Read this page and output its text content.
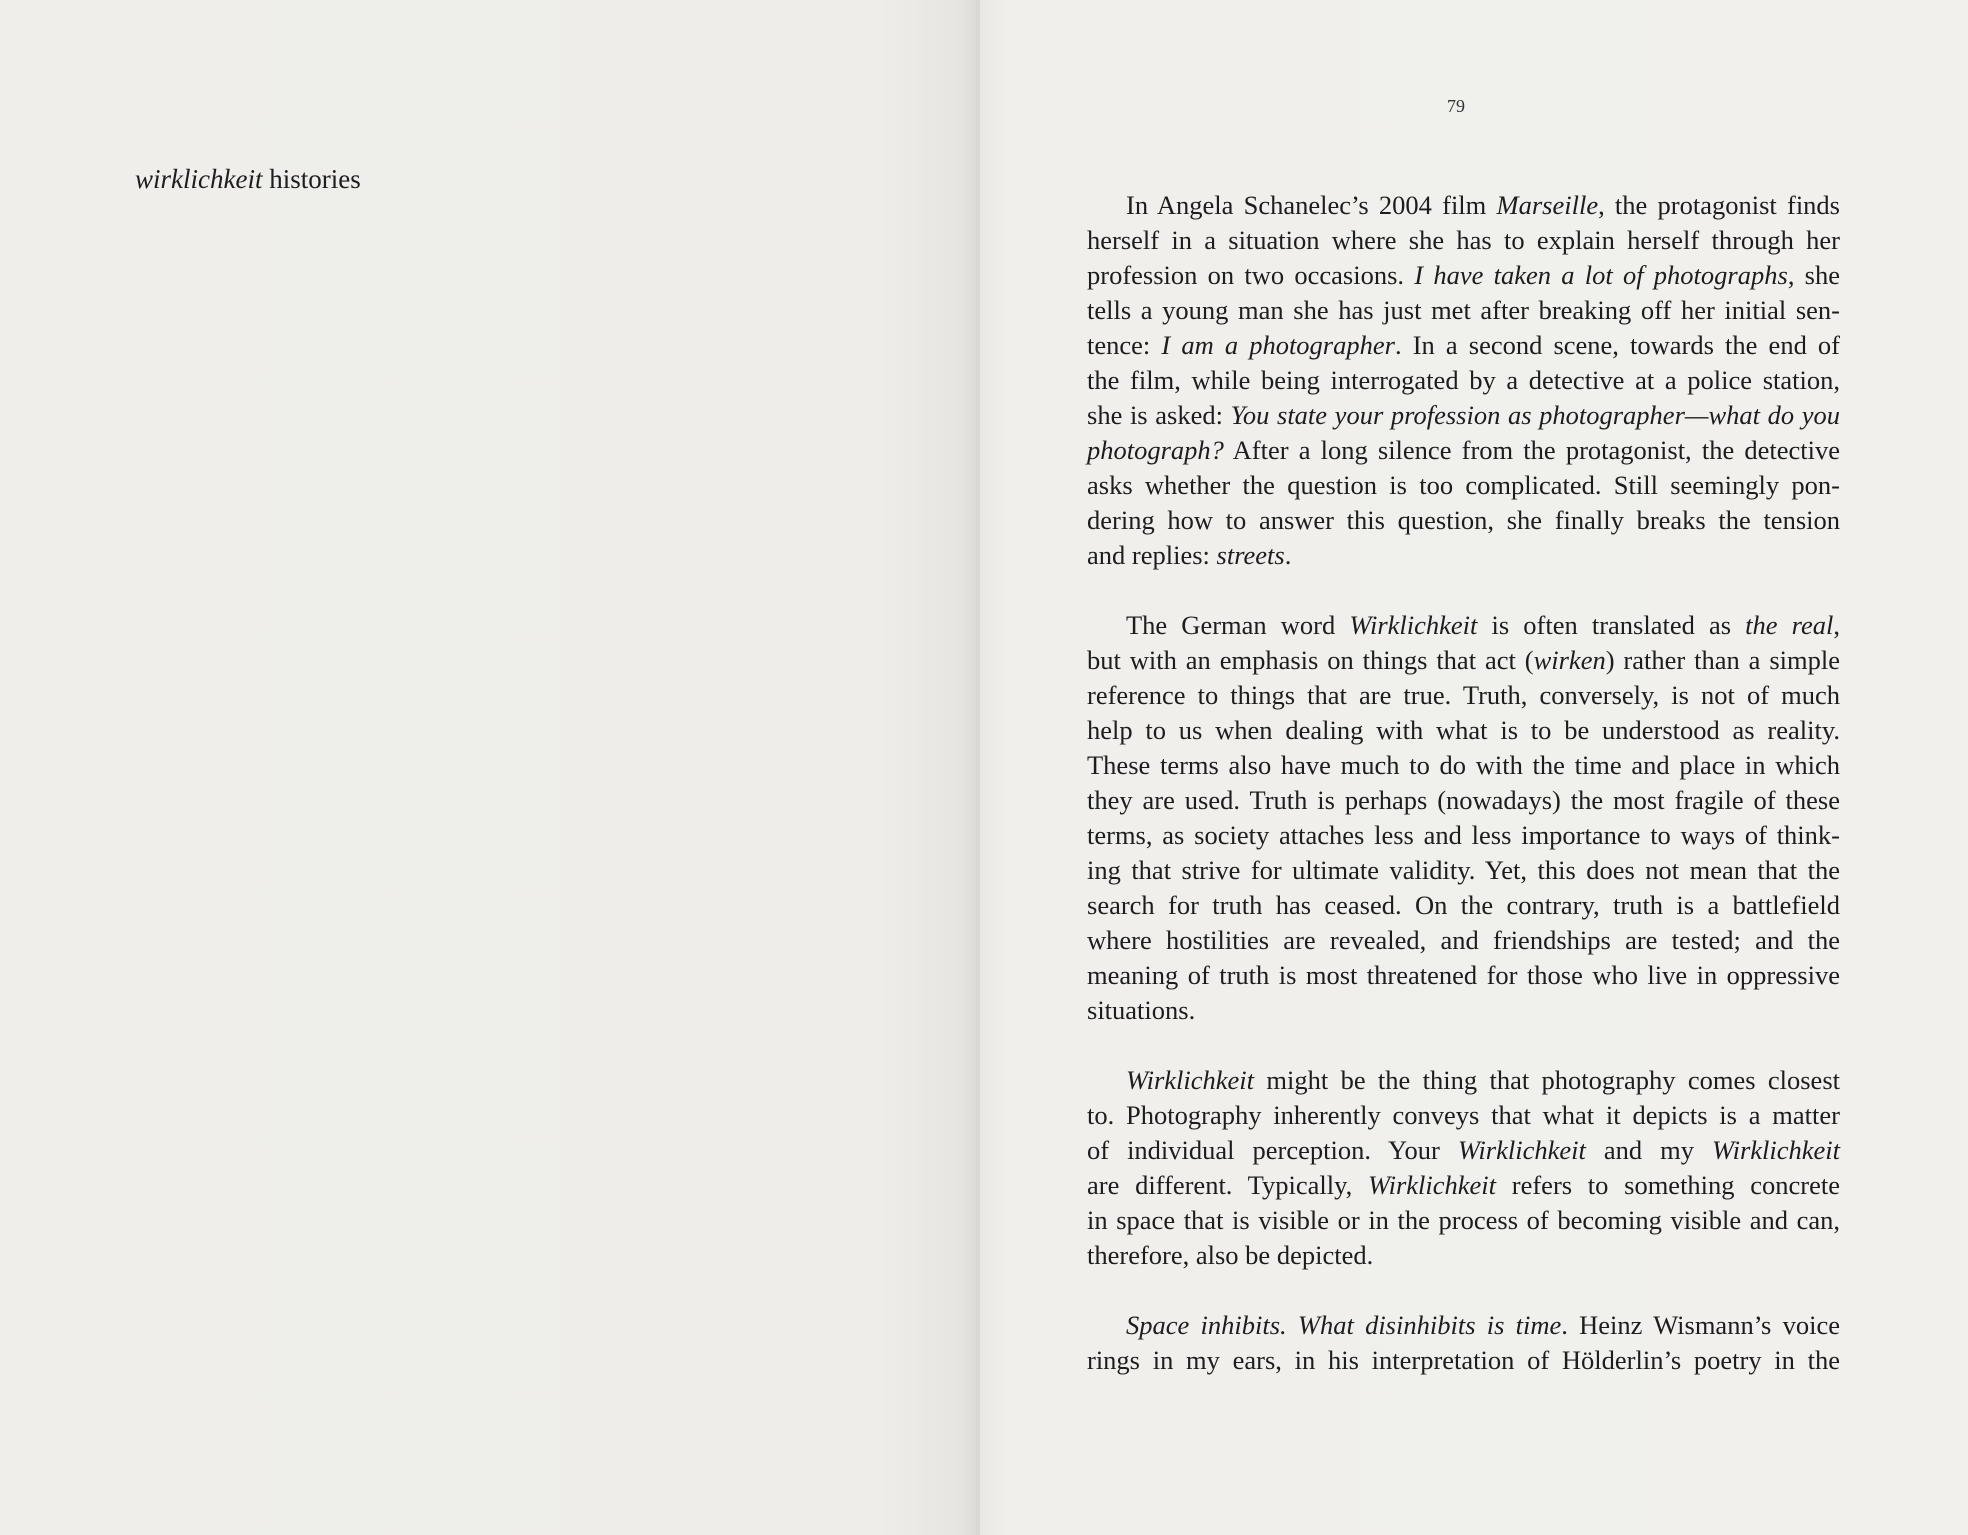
wirklichkeit histories
79
In Angela Schanelec’s 2004 film Marseille, the protagonist finds
herself in a situation where she has to explain herself through her
profession on two occasions. I have taken a lot of photographs, she
tells a young man she has just met after breaking off her initial sen-
tence: I am a photographer. In a second scene, towards the end of
the film, while being interrogated by a detective at a police station,
she is asked: You state your profession as photographer—what do you
photograph? After a long silence from the protagonist, the detective
asks whether the question is too complicated. Still seemingly pon-
dering how to answer this question, she finally breaks the tension
and replies: streets.
The German word Wirklichkeit is often translated as the real,
but with an emphasis on things that act (wirken) rather than a simple
reference to things that are true. Truth, conversely, is not of much
help to us when dealing with what is to be understood as reality.
These terms also have much to do with the time and place in which
they are used. Truth is perhaps (nowadays) the most fragile of these
terms, as society attaches less and less importance to ways of think-
ing that strive for ultimate validity. Yet, this does not mean that the
search for truth has ceased. On the contrary, truth is a battlefield
where hostilities are revealed, and friendships are tested; and the
meaning of truth is most threatened for those who live in oppressive
situations.
Wirklichkeit might be the thing that photography comes closest
to. Photography inherently conveys that what it depicts is a matter
of individual perception. Your Wirklichkeit and my Wirklichkeit
are different. Typically, Wirklichkeit refers to something concrete
in space that is visible or in the process of becoming visible and can,
therefore, also be depicted.
Space inhibits. What disinhibits is time. Heinz Wismann’s voice
rings in my ears, in his interpretation of Hölderlin’s poetry in the
